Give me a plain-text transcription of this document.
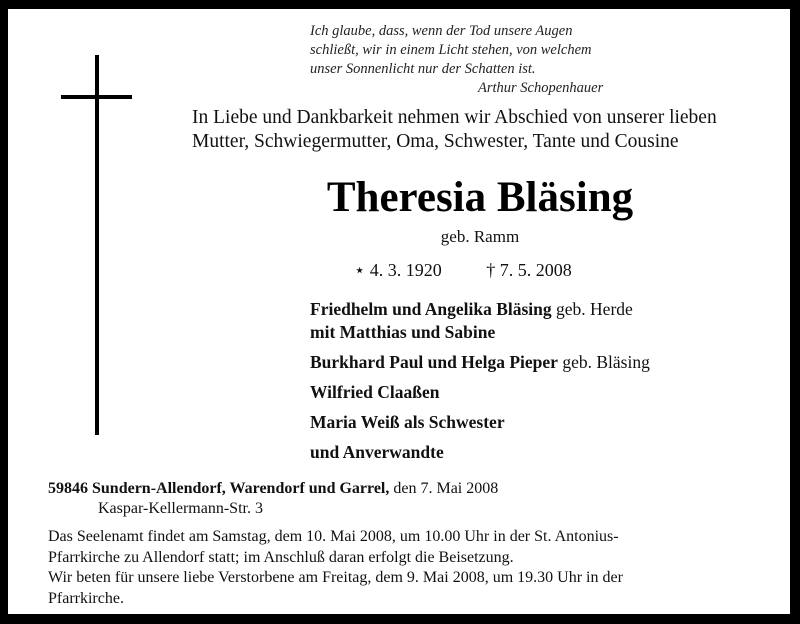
Ich glaube, dass, wenn der Tod unsere Augen
schließt, wir in einem Licht stehen, von welchem
unser Sonnenlicht nur der Schatten ist.
Arthur Schopenhauer
In Liebe und Dankbarkeit nehmen wir Abschied von unserer lieben
Mutter, Schwiegermutter, Oma, Schwester, Tante und Cousine
Theresia Bläsing
geb. Ramm
⋆ 4. 3. 1920 † 7. 5. 2008
Friedhelm und Angelika Bläsing geb. Herde
mit Matthias und Sabine
Burkhard Paul und Helga Pieper geb. Bläsing
Wilfried Claaßen
Maria Weiß als Schwester
und Anverwandte
59846 Sundern-Allendorf, Warendorf und Garrel, den 7. Mai 2008
Kaspar-Kellermann-Str. 3
Das Seelenamt findet am Samstag, dem 10. Mai 2008, um 10.00 Uhr in der St. Antonius-
Pfarrkirche zu Allendorf statt; im Anschluß daran erfolgt die Beisetzung.
Wir beten für unsere liebe Verstorbene am Freitag, dem 9. Mai 2008, um 19.30 Uhr in der
Pfarrkirche.
